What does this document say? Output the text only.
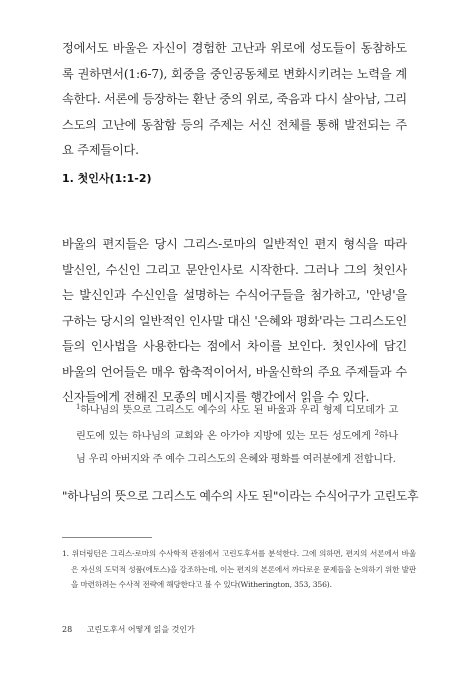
정에서도 바울은 자신이 경험한 고난과 위로에 성도들이 동참하도록 권하면서(1:6-7), 회중을 중인공동체로 변화시키려는 노력을 계속한다. 서론에 등장하는 환난 중의 위로, 죽음과 다시 살아남, 그리스도의 고난에 동참함 등의 주제는 서신 전체를 통해 발전되는 주요 주제들이다.

1. 첫인사(1:1-2)

바울의 편지들은 당시 그리스-로마의 일반적인 편지 형식을 따라 발신인, 수신인 그리고 문안인사로 시작한다. 그러나 그의 첫인사는 발신인과 수신인을 설명하는 수식어구들을 첨가하고, '안녕'을 구하는 당시의 일반적인 인사말 대신 '은혜와 평화'라는 그리스도인들의 인사법을 사용한다는 점에서 차이를 보인다. 첫인사에 담긴 바울의 언어들은 매우 함축적이어서, 바울신학의 주요 주제들과 수신자들에게 전해진 모종의 메시지를 행간에서 읽을 수 있다.

$^1$하나님의 뜻으로 그리스도 예수의 사도 된 바울과 우리 형제 디모데가 고린도에 있는 하나님의 교회와 온 아가야 지방에 있는 모든 성도에게 $^2$하나님 우리 아버지와 주 예수 그리스도의 은혜와 평화를 여러분에게 전합니다.

"하나님의 뜻으로 그리스도 예수의 사도 된"이라는 수식어구가 고린도후

1. 위더링턴은 그리스-로마의 수사학적 관점에서 고린도후서를 분석한다. 그에 의하면, 편지의 서론에서 바울은 자신의 도덕적 성품(에토스)을 강조하는데, 이는 편지의 본론에서 까다로운 문제들을 논의하기 위한 발판을 마련하려는 수사적 전략에 해당한다고 볼 수 있다(Witherington, 353, 356).

28 고린도후서 어떻게 읽을 것인가
